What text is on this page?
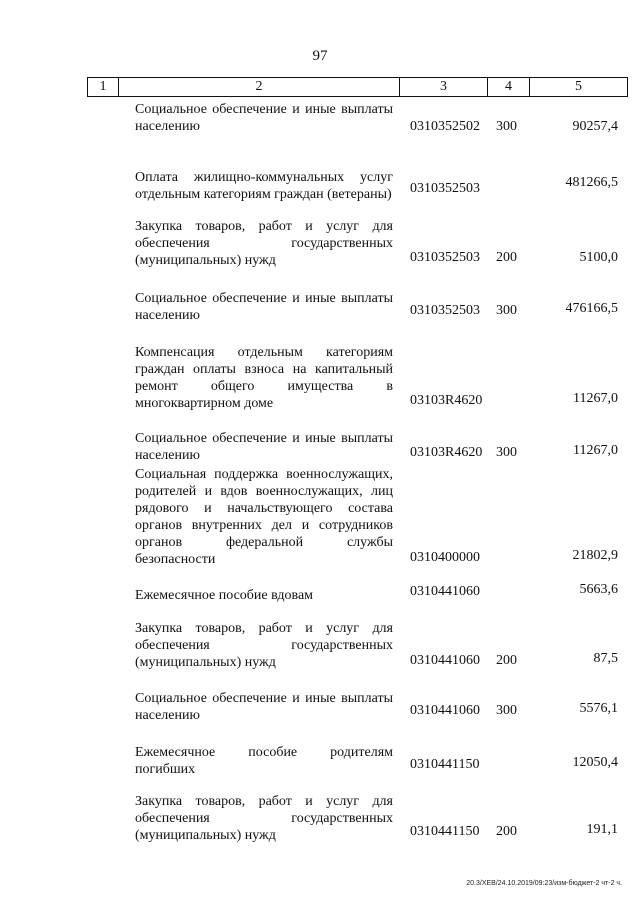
97
1	2	3	4	5
Социальное обеспечение и иные выплаты населению	0310352502 300	90257,4
Оплата жилищно-коммунальных услуг отдельным категориям граждан (ветераны) 0310352503	481266,5
Закупка товаров, работ и услуг для обеспечения государственных (муниципальных) нужд	0310352503 200	5100,0
Социальное обеспечение и иные выплаты населению	0310352503 300	476166,5
Компенсация отдельным категориям граждан оплаты взноса на капитальный ремонт общего имущества в многоквартирном доме	03103R4620	11267,0
Социальное обеспечение и иные выплаты населению	03103R4620 300	11267,0
Социальная поддержка военнослужащих, родителей и вдов военнослужащих, лиц рядового и начальствующего состава органов внутренних дел и сотрудников органов федеральной службы безопасности	0310400000	21802,9
Ежемесячное пособие вдовам	0310441060	5663,6
Закупка товаров, работ и услуг для обеспечения государственных (муниципальных) нужд	0310441060 200	87,5
Социальное обеспечение и иные выплаты населению	0310441060 300	5576,1
Ежемесячное пособие родителям погибших	0310441150	12050,4
Закупка товаров, работ и услуг для обеспечения государственных (муниципальных) нужд	0310441150 200	191,1
20.3/ХЕВ/24.10.2019/09:23/изм-бюджет-2 чт-2 ч.
